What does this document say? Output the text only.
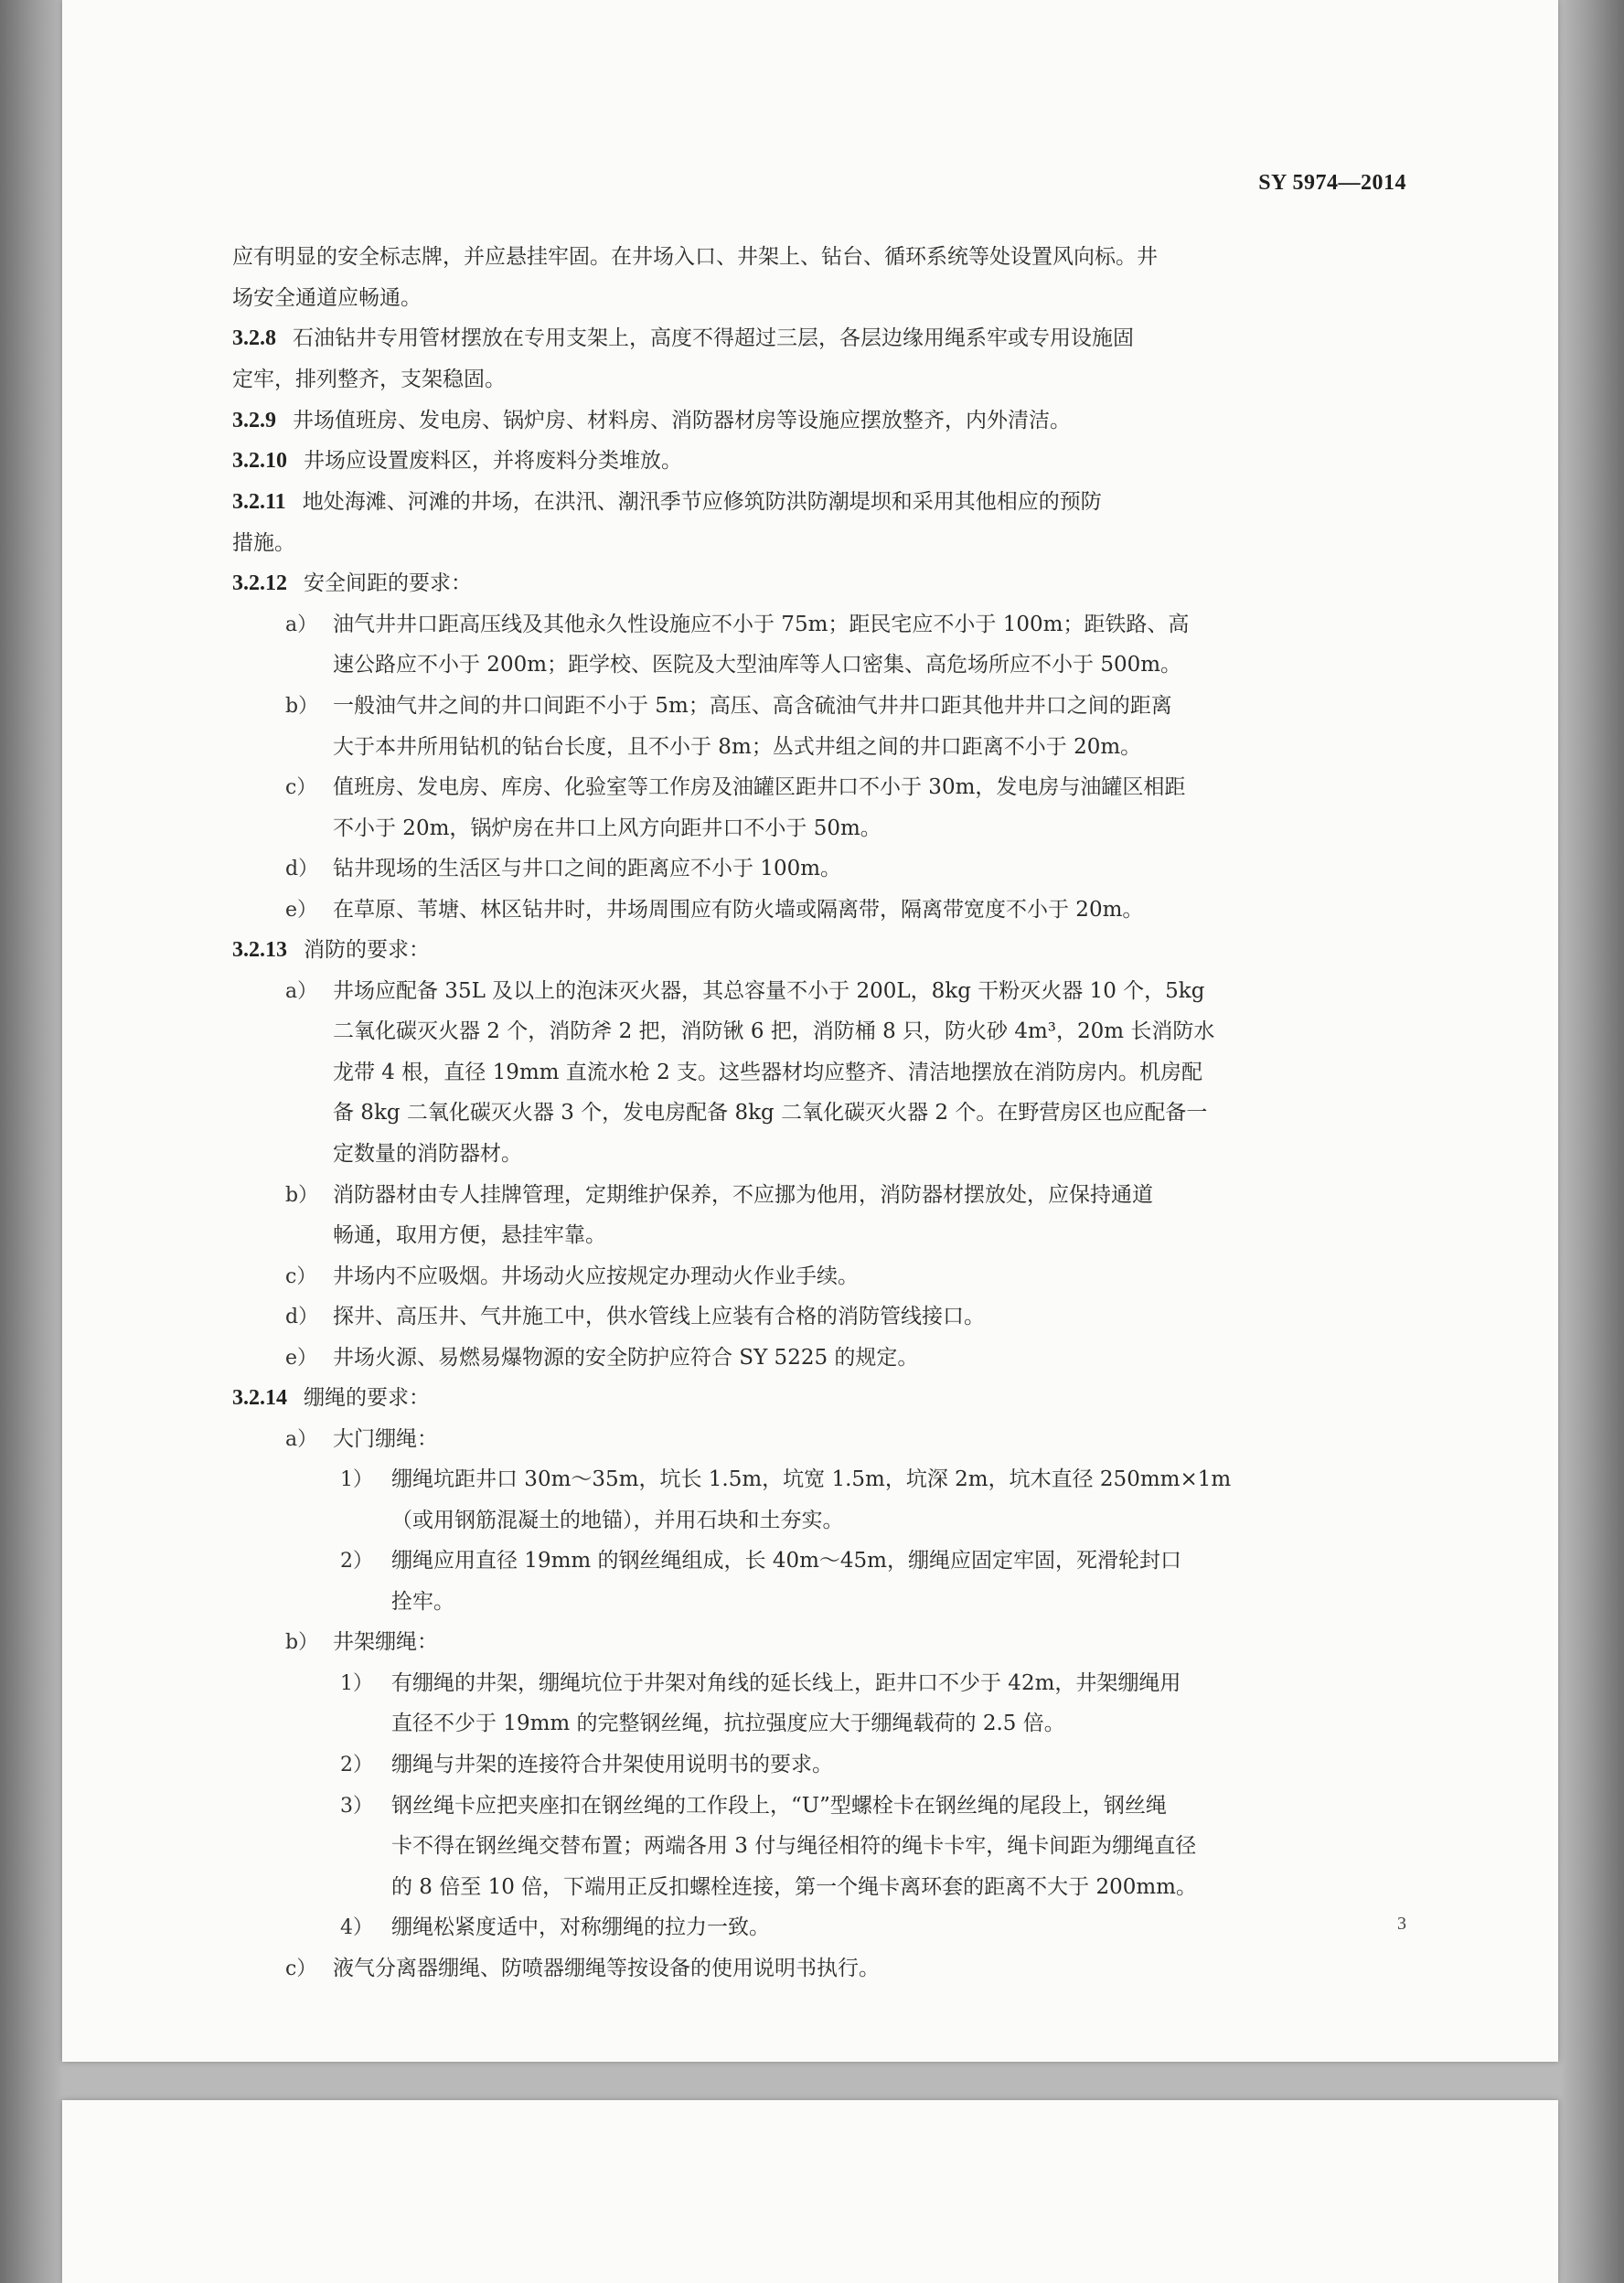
SY 5974—2014
应有明显的安全标志牌，并应悬挂牢固。在井场入口、井架上、钻台、循环系统等处设置风向标。井
场安全通道应畅通。
3.2.8 石油钻井专用管材摆放在专用支架上，高度不得超过三层，各层边缘用绳系牢或专用设施固
定牢，排列整齐，支架稳固。
3.2.9 井场值班房、发电房、锅炉房、材料房、消防器材房等设施应摆放整齐，内外清洁。
3.2.10 井场应设置废料区，并将废料分类堆放。
3.2.11 地处海滩、河滩的井场，在洪汛、潮汛季节应修筑防洪防潮堤坝和采用其他相应的预防
措施。
3.2.12 安全间距的要求：
a） 油气井井口距高压线及其他永久性设施应不小于 75m；距民宅应不小于 100m；距铁路、高
速公路应不小于 200m；距学校、医院及大型油库等人口密集、高危场所应不小于 500m。
b） 一般油气井之间的井口间距不小于 5m；高压、高含硫油气井井口距其他井井口之间的距离
大于本井所用钻机的钻台长度，且不小于 8m；丛式井组之间的井口距离不小于 20m。
c） 值班房、发电房、库房、化验室等工作房及油罐区距井口不小于 30m，发电房与油罐区相距
不小于 20m，锅炉房在井口上风方向距井口不小于 50m。
d） 钻井现场的生活区与井口之间的距离应不小于 100m。
e） 在草原、苇塘、林区钻井时，井场周围应有防火墙或隔离带，隔离带宽度不小于 20m。
3.2.13 消防的要求：
a） 井场应配备 35L 及以上的泡沫灭火器，其总容量不小于 200L，8kg 干粉灭火器 10 个，5kg
二氧化碳灭火器 2 个，消防斧 2 把，消防锹 6 把，消防桶 8 只，防火砂 4m³，20m 长消防水
龙带 4 根，直径 19mm 直流水枪 2 支。这些器材均应整齐、清洁地摆放在消防房内。机房配
备 8kg 二氧化碳灭火器 3 个，发电房配备 8kg 二氧化碳灭火器 2 个。在野营房区也应配备一
定数量的消防器材。
b） 消防器材由专人挂牌管理，定期维护保养，不应挪为他用，消防器材摆放处，应保持通道
畅通，取用方便，悬挂牢靠。
c） 井场内不应吸烟。井场动火应按规定办理动火作业手续。
d） 探井、高压井、气井施工中，供水管线上应装有合格的消防管线接口。
e） 井场火源、易燃易爆物源的安全防护应符合 SY 5225 的规定。
3.2.14 绷绳的要求：
a） 大门绷绳：
1） 绷绳坑距井口 30m～35m，坑长 1.5m，坑宽 1.5m，坑深 2m，坑木直径 250mm×1m
（或用钢筋混凝土的地锚），并用石块和土夯实。
2） 绷绳应用直径 19mm 的钢丝绳组成，长 40m～45m，绷绳应固定牢固，死滑轮封口
拴牢。
b） 井架绷绳：
1） 有绷绳的井架，绷绳坑位于井架对角线的延长线上，距井口不少于 42m，井架绷绳用
直径不少于 19mm 的完整钢丝绳，抗拉强度应大于绷绳载荷的 2.5 倍。
2） 绷绳与井架的连接符合井架使用说明书的要求。
3） 钢丝绳卡应把夹座扣在钢丝绳的工作段上，“U”型螺栓卡在钢丝绳的尾段上，钢丝绳
卡不得在钢丝绳交替布置；两端各用 3 付与绳径相符的绳卡卡牢，绳卡间距为绷绳直径
的 8 倍至 10 倍，下端用正反扣螺栓连接，第一个绳卡离环套的距离不大于 200mm。
4） 绷绳松紧度适中，对称绷绳的拉力一致。
c） 液气分离器绷绳、防喷器绷绳等按设备的使用说明书执行。
3
